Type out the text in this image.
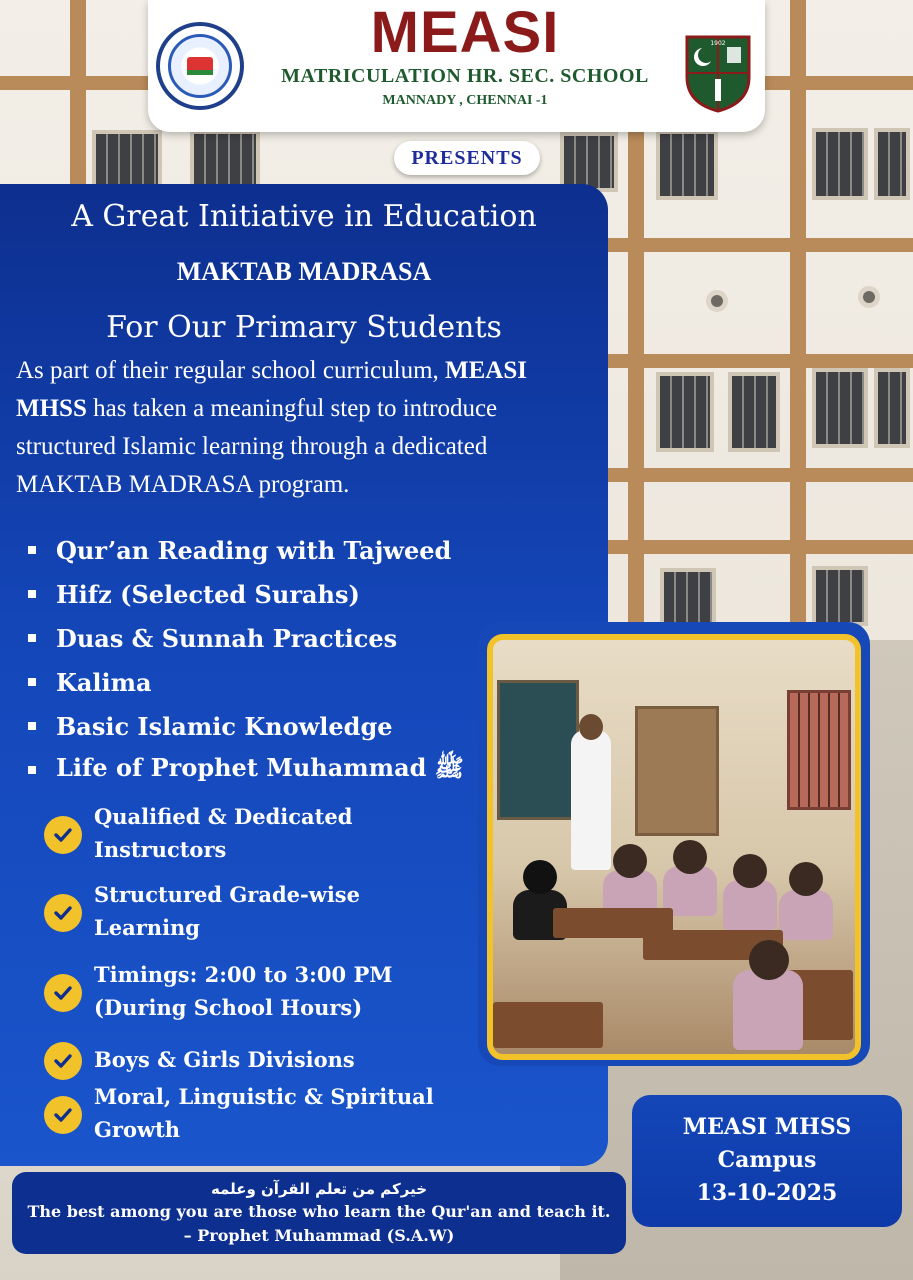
MEASI
MATRICULATION HR. SEC. SCHOOL
MANNADY , CHENNAI -1
1902
PRESENTS
A Great Initiative in Education
MAKTAB MADRASA
For Our Primary Students
As part of their regular school curriculum, MEASI MHSS has taken a meaningful step to introduce structured Islamic learning through a dedicated MAKTAB MADRASA program.
Qur’an Reading with Tajweed
Hifz (Selected Surahs)
Duas & Sunnah Practices
Kalima
Basic Islamic Knowledge
Life of Prophet Muhammad ﷺ
Qualified & Dedicated
Instructors
Structured Grade-wise
Learning
Timings: 2:00 to 3:00 PM
(During School Hours)
Boys & Girls Divisions
Moral, Linguistic & Spiritual
Growth	MEASI MHSS
Campus
13-10-2025
خيركم من تعلم القرآن وعلمه
The best among you are those who learn the Qur'an and teach it.
– Prophet Muhammad (S.A.W)
